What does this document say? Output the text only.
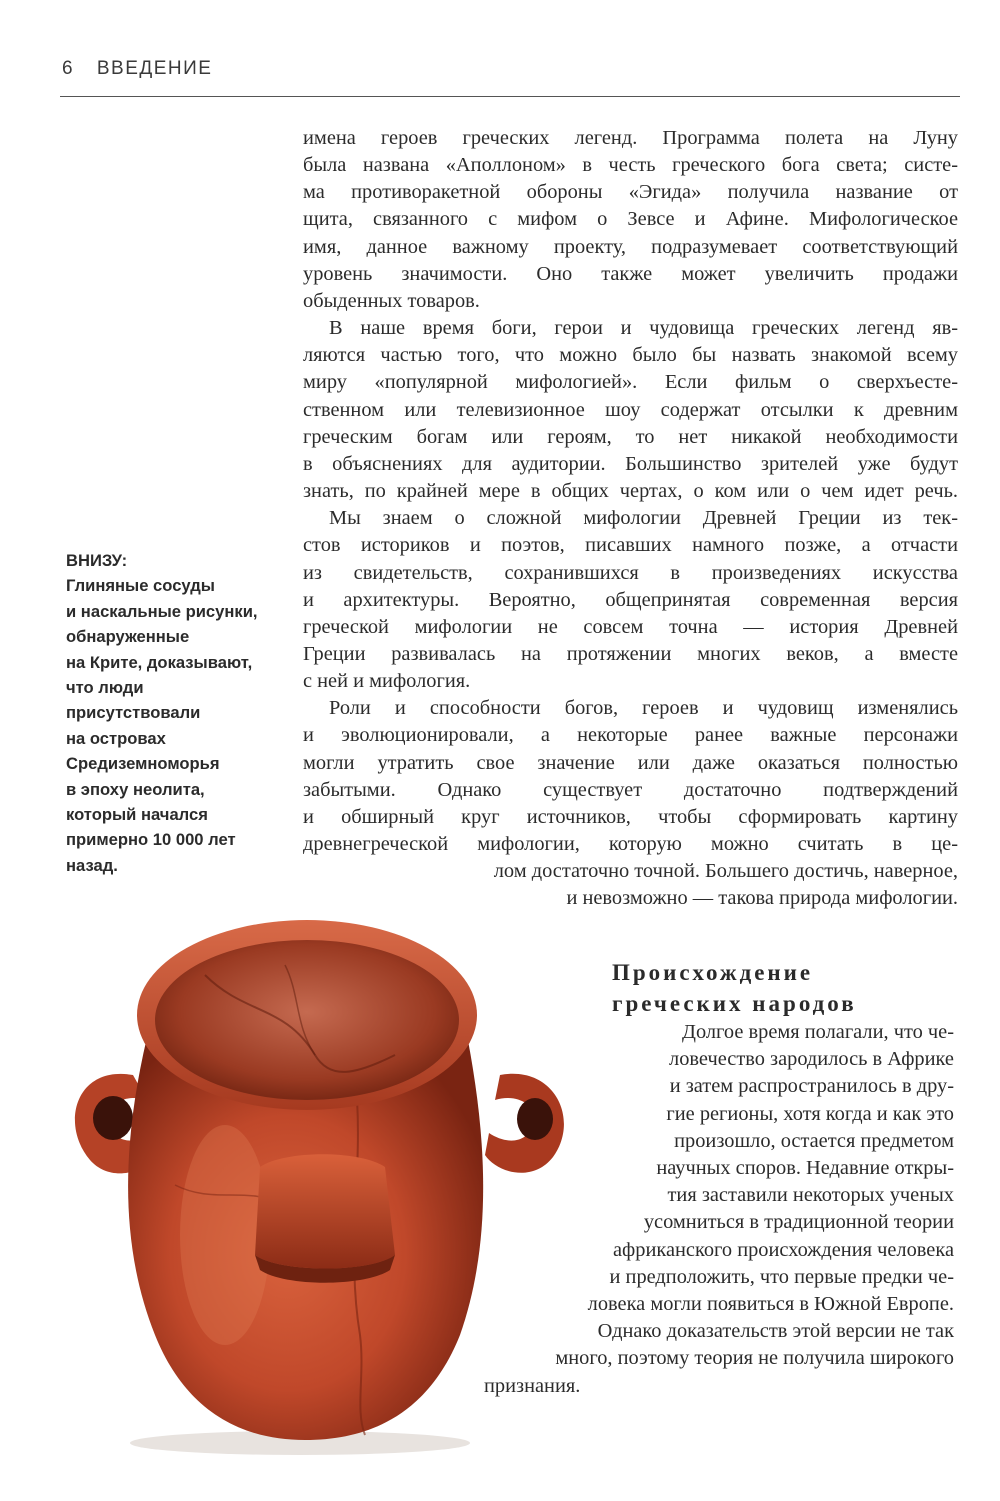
6 ВВЕДЕНИЕ
ВНИЗУ:
Глиняные сосуды
и наскальные рисунки,
обнаруженные
на Крите, доказывают,
что люди
присутствовали
на островах
Средиземноморья
в эпоху неолита,
который начался
примерно 10 000 лет
назад.

имена героев греческих легенд. Программа полета на Луну
была названа «Аполлоном» в честь греческого бога света; систе-
ма противоракетной обороны «Эгида» получила название от
щита, связанного с мифом о Зевсе и Афине. Мифологическое
имя, данное важному проекту, подразумевает соответствующий
уровень значимости. Оно также может увеличить продажи
обыденных товаров.

В наше время боги, герои и чудовища греческих легенд яв-
ляются частью того, что можно было бы назвать знакомой всему
миру «популярной мифологией». Если фильм о сверхъесте-
ственном или телевизионное шоу содержат отсылки к древним
греческим богам или героям, то нет никакой необходимости
в объяснениях для аудитории. Большинство зрителей уже будут
знать, по крайней мере в общих чертах, о ком или о чем идет речь.

Мы знаем о сложной мифологии Древней Греции из тек-
стов историков и поэтов, писавших намного позже, а отчасти
из свидетельств, сохранившихся в произведениях искусства
и архитектуры. Вероятно, общепринятая современная версия
греческой мифологии не совсем точна — история Древней
Греции развивалась на протяжении многих веков, а вместе
с ней и мифология.

Роли и способности богов, героев и чудовищ изменялись
и эволюционировали, а некоторые ранее важные персонажи
могли утратить свое значение или даже оказаться полностью
забытыми. Однако существует достаточно подтверждений
и обширный круг источников, чтобы сформировать картину
древнегреческой мифологии, которую можно считать в це-
лом достаточно точной. Большего достичь, наверное,
и невозможно — такова природа мифологии.

Происхождение
греческих народов
Долгое время полагали, что че-
ловечество зародилось в Африке
и затем распространилось в дру-
гие регионы, хотя когда и как это
произошло, остается предметом
научных споров. Недавние откры-
тия заставили некоторых ученых
усомниться в традиционной теории
африканского происхождения человека
и предположить, что первые предки че-
ловека могли появиться в Южной Европе.
Однако доказательств этой версии не так
много, поэтому теория не получила широкого
признания.
